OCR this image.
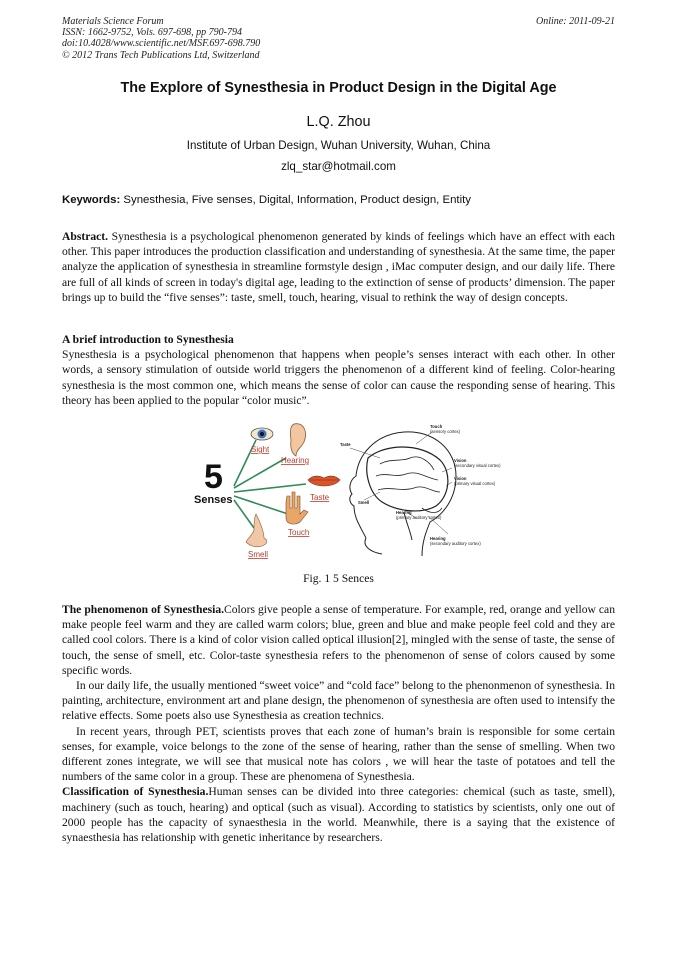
Materials Science Forum
ISSN: 1662-9752, Vols. 697-698, pp 790-794
doi:10.4028/www.scientific.net/MSF.697-698.790
© 2012 Trans Tech Publications Ltd, Switzerland
Online: 2011-09-21
The Explore of Synesthesia in Product Design in the Digital Age
L.Q. Zhou
Institute of Urban Design, Wuhan University, Wuhan, China
zlq_star@hotmail.com
Keywords: Synesthesia, Five senses, Digital, Information, Product design, Entity
Abstract. Synesthesia is a psychological phenomenon generated by kinds of feelings which have an effect with each other. This paper introduces the production classification and understanding of synesthesia. At the same time, the paper analyze the application of synesthesia in streamline formstyle design , iMac computer design, and our daily life. There are full of all kinds of screen in today's digital age, leading to the extinction of sense of products’ dimension. The paper brings up to build the “five senses”: taste, smell, touch, hearing, visual to rethink the way of design concepts.
A brief introduction to Synesthesia
Synesthesia is a psychological phenomenon that happens when people’s senses interact with each other. In other words, a sensory stimulation of outside world triggers the phenomenon of a different kind of feeling. Color-hearing synesthesia is the most common one, which means the sense of color can cause the responding sense of hearing. This theory has been applied to the popular “color music”.
5
Senses
Sight
Hearing
Taste
Touch
Smell
Taste
Touch
(sensory cortex)
Vision
(secondary visual cortex)
Vision
(primary visual cortex)
Smell
Hearing
(primary auditory cortex)
Hearing
(secondary auditory cortex)
Fig. 1 5 Sences

The phenomenon of Synesthesia.Colors give people a sense of temperature. For example, red, orange and yellow can make people feel warm and they are called warm colors; blue, green and blue and make people feel cold and they are called cool colors. There is a kind of color vision called optical illusion[2], mingled with the sense of taste, the sense of touch, the sense of smell, etc. Color-taste synesthesia refers to the phenomenon of sense of colors caused by some specific words.

In our daily life, the usually mentioned “sweet voice” and “cold face” belong to the phenonmenon of synesthesia. In painting, architecture, environment art and plane design, the phenomenon of synesthesia are often used to intensify the relative effects. Some poets also use Synesthesia as creation technics.

In recent years, through PET, scientists proves that each zone of human’s brain is responsible for some certain senses, for example, voice belongs to the zone of the sense of hearing, rather than the sense of smelling. When two different zones integrate, we will see that musical note has colors , we will hear the taste of potatoes and tell the numbers of the same color in a group. These are phenomena of Synesthesia.

Classification of Synesthesia.Human senses can be divided into three categories: chemical (such as taste, smell), machinery (such as touch, hearing) and optical (such as visual). According to statistics by scientists, only one out of 2000 people has the capacity of synaesthesia in the world. Meanwhile, there is a saying that the existence of synaesthesia has relationship with genetic inheritance by researchers.
